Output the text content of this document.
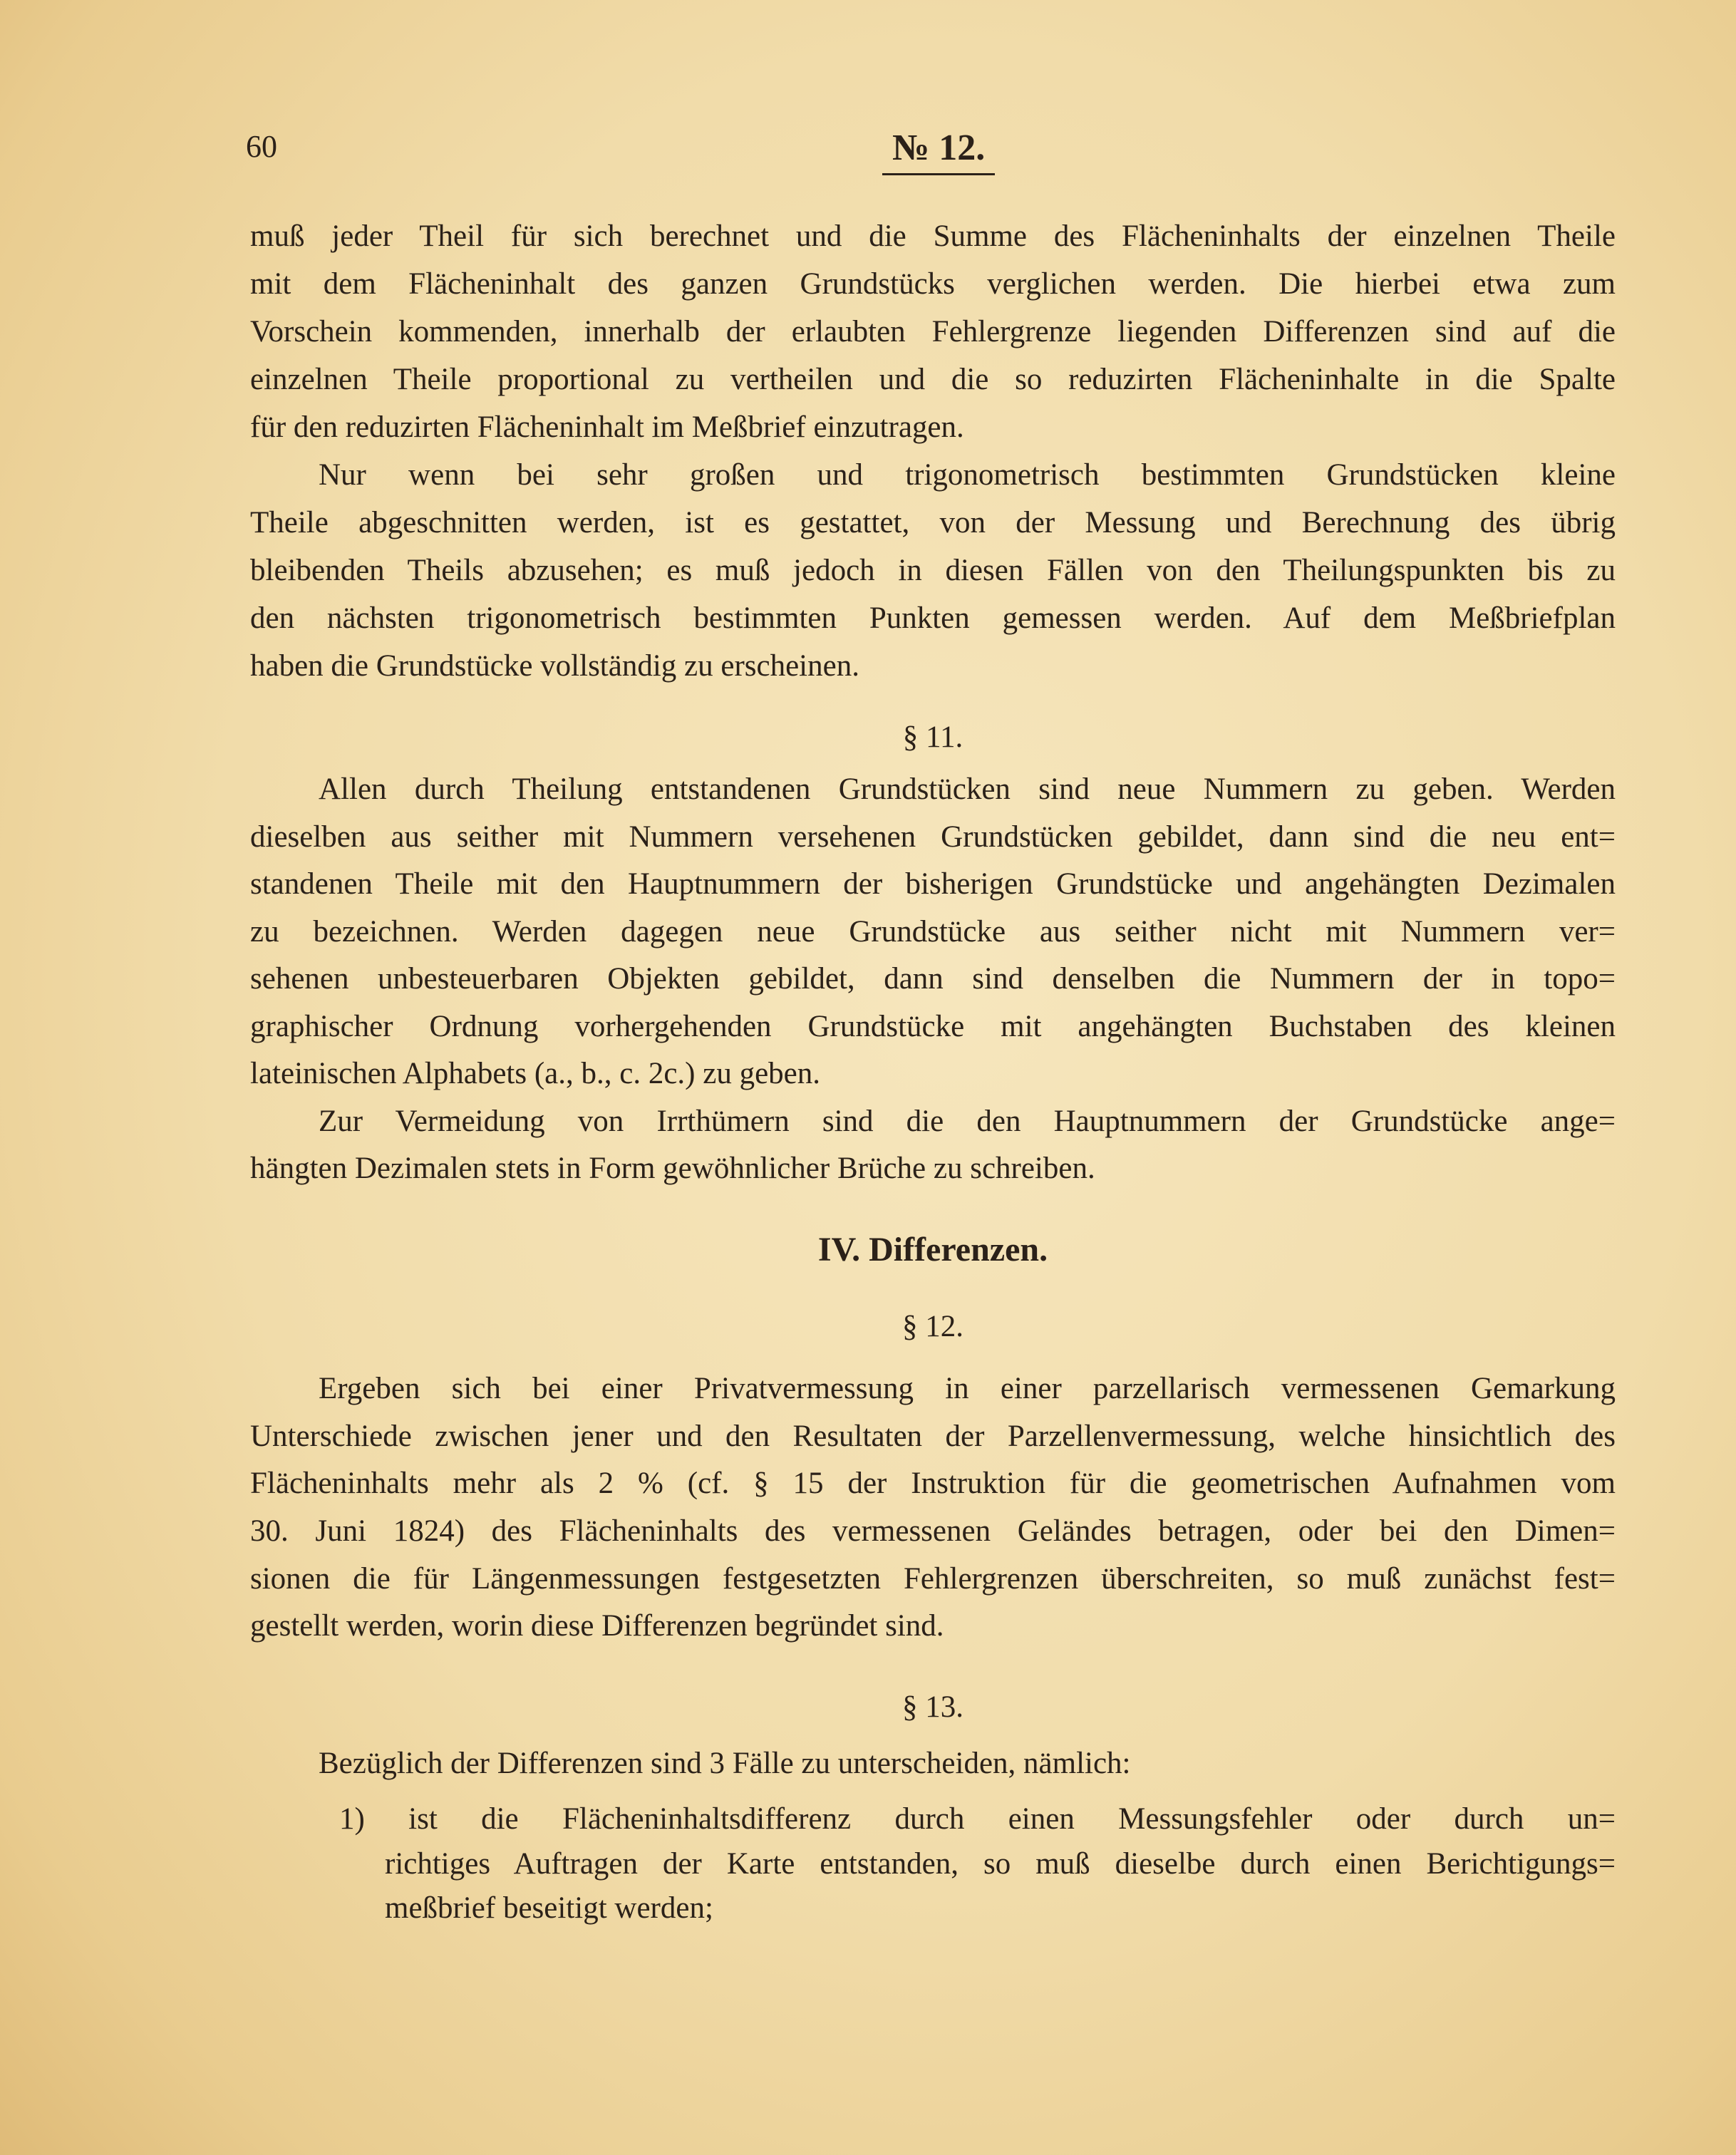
60	№ 12.
muß jeder Theil für sich berechnet und die Summe des Flächeninhalts der einzelnen Theile
mit dem Flächeninhalt des ganzen Grundstücks verglichen werden. Die hierbei etwa zum
Vorschein kommenden, innerhalb der erlaubten Fehlergrenze liegenden Differenzen sind auf die
einzelnen Theile proportional zu vertheilen und die so reduzirten Flächeninhalte in die Spalte
für den reduzirten Flächeninhalt im Meßbrief einzutragen.
Nur wenn bei sehr großen und trigonometrisch bestimmten Grundstücken kleine
Theile abgeschnitten werden, ist es gestattet, von der Messung und Berechnung des übrig
bleibenden Theils abzusehen; es muß jedoch in diesen Fällen von den Theilungspunkten bis zu
den nächsten trigonometrisch bestimmten Punkten gemessen werden. Auf dem Meßbriefplan
haben die Grundstücke vollständig zu erscheinen.
§ 11.
Allen durch Theilung entstandenen Grundstücken sind neue Nummern zu geben. Werden
dieselben aus seither mit Nummern versehenen Grundstücken gebildet, dann sind die neu ent=
standenen Theile mit den Hauptnummern der bisherigen Grundstücke und angehängten Dezimalen
zu bezeichnen. Werden dagegen neue Grundstücke aus seither nicht mit Nummern ver=
sehenen unbesteuerbaren Objekten gebildet, dann sind denselben die Nummern der in topo=
graphischer Ordnung vorhergehenden Grundstücke mit angehängten Buchstaben des kleinen
lateinischen Alphabets (a., b., c. 2c.) zu geben.
Zur Vermeidung von Irrthümern sind die den Hauptnummern der Grundstücke ange=
hängten Dezimalen stets in Form gewöhnlicher Brüche zu schreiben.
IV. Differenzen.
§ 12.
Ergeben sich bei einer Privatvermessung in einer parzellarisch vermessenen Gemarkung
Unterschiede zwischen jener und den Resultaten der Parzellenvermessung, welche hinsichtlich des
Flächeninhalts mehr als 2 % (cf. § 15 der Instruktion für die geometrischen Aufnahmen vom
30. Juni 1824) des Flächeninhalts des vermessenen Geländes betragen, oder bei den Dimen=
sionen die für Längenmessungen festgesetzten Fehlergrenzen überschreiten, so muß zunächst fest=
gestellt werden, worin diese Differenzen begründet sind.
§ 13.
Bezüglich der Differenzen sind 3 Fälle zu unterscheiden, nämlich:
1) ist die Flächeninhaltsdifferenz durch einen Messungsfehler oder durch un=
richtiges Auftragen der Karte entstanden, so muß dieselbe durch einen Berichtigungs=
meßbrief beseitigt werden;
